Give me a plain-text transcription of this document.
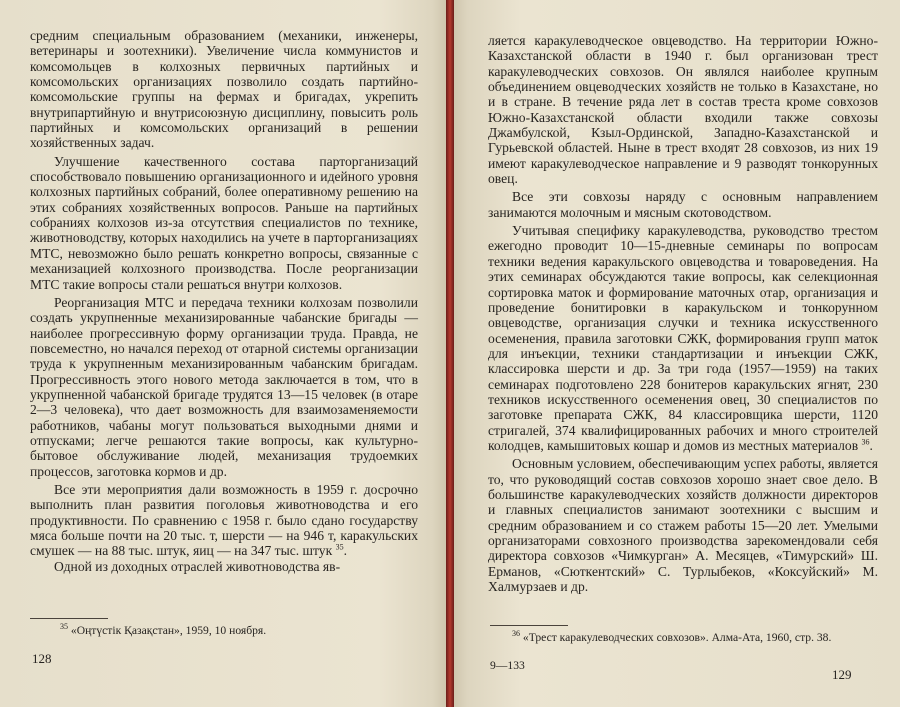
средним специальным образованием (механики, инженеры, ветеринары и зоотехники). Увеличение числа коммунистов и комсомольцев в колхозных первичных партийных и комсомольских организациях позволило создать партийно-комсомольские группы на фермах и бригадах, укрепить внутрипартийную и внутрисоюзную дисциплину, повысить роль партийных и комсомольских организаций в решении хозяйственных задач.

Улучшение качественного состава парторганизаций способствовало повышению организационного и идейного уровня колхозных партийных собраний, более оперативному решению на этих собраниях хозяйственных вопросов. Раньше на партийных собраниях колхозов из-за отсутствия специалистов по технике, животноводству, которых находились на учете в парторганизациях МТС, невозможно было решать конкретно вопросы, связанные с механизацией колхозного производства. После реорганизации МТС такие вопросы стали решаться внутри колхозов.

Реорганизация МТС и передача техники колхозам позволили создать укрупненные механизированные чабанские бригады — наиболее прогрессивную форму организации труда. Правда, не повсеместно, но начался переход от отарной системы организации труда к укрупненным механизированным чабанским бригадам. Прогрессивность этого нового метода заключается в том, что в укрупненной чабанской бригаде трудятся 13—15 человек (в отаре 2—3 человека), что дает возможность для взаимозаменяемости работников, чабаны могут пользоваться выходными днями и отпусками; легче решаются такие вопросы, как культурно-бытовое обслуживание людей, механизация трудоемких процессов, заготовка кормов и др.

Все эти мероприятия дали возможность в 1959 г. досрочно выполнить план развития поголовья животноводства и его продуктивности. По сравнению с 1958 г. было сдано государству мяса больше почти на 20 тыс. т, шерсти — на 946 т, каракульских смушек — на 88 тыс. штук, яиц — на 347 тыс. штук $^{35}$.

Одной из доходных отраслей животноводства яв-

$^{35}$ «Оңтүстік Қазақстан», 1959, 10 ноября.
128

ляется каракулеводческое овцеводство. На территории Южно-Казахстанской области в 1940 г. был организован трест каракулеводческих совхозов. Он являлся наиболее крупным объединением овцеводческих хозяйств не только в Казахстане, но и в стране. В течение ряда лет в состав треста кроме совхозов Южно-Казахстанской области входили также совхозы Джамбулской, Кзыл-Ординской, Западно-Казахстанской и Гурьевской областей. Ныне в трест входят 28 совхозов, из них 19 имеют каракулеводческое направление и 9 разводят тонкорунных овец.

Все эти совхозы наряду с основным направлением занимаются молочным и мясным скотоводством.

Учитывая специфику каракулеводства, руководство трестом ежегодно проводит 10—15-дневные семинары по вопросам техники ведения каракульского овцеводства и товароведения. На этих семинарах обсуждаются такие вопросы, как селекционная сортировка маток и формирование маточных отар, организация и проведение бонитировки в каракульском и тонкорунном овцеводстве, организация случки и техника искусственного осеменения, правила заготовки СЖК, формирования групп маток для инъекции, техники стандартизации и инъекции СЖК, классировка шерсти и др. За три года (1957—1959) на таких семинарах подготовлено 228 бонитеров каракульских ягнят, 230 техников искусственного осеменения овец, 30 специалистов по заготовке препарата СЖК, 84 классировщика шерсти, 1120 стригалей, 374 квалифицированных рабочих и много строителей колодцев, камышитовых кошар и домов из местных материалов $^{36}$.

Основным условием, обеспечивающим успех работы, является то, что руководящий состав совхозов хорошо знает свое дело. В большинстве каракулеводческих хозяйств должности директоров и главных специалистов занимают зоотехники с высшим и средним образованием и со стажем работы 15—20 лет. Умелыми организаторами совхозного производства зарекомендовали себя директора совхозов «Чимкурган» А. Месяцев, «Тимурский» Ш. Ерманов, «Сюткентский» С. Турлыбеков, «Коксуйский» М. Халмурзаев и др.

$^{36}$ «Трест каракулеводческих совхозов». Алма-Ата, 1960, стр. 38.
9—133
129
